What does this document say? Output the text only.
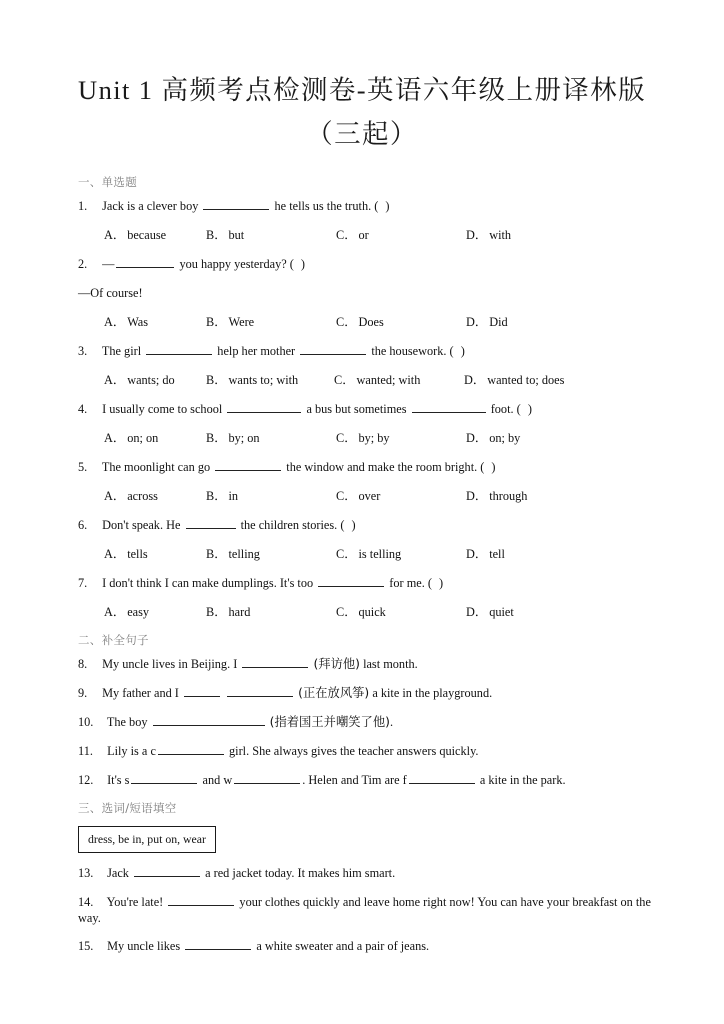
Unit 1 高频考点检测卷-英语六年级上册译林版（三起）
一、单选题
1. Jack is a clever boy	he tells us the truth. ( )
A． because	B． but	C． or	D． with
2. —	you happy yesterday? ( )
—Of course!
A． Was	B． Were	C． Does	D． Did
3. The girl	help her mother	the housework. ( )
A． wants; do	B． wants to; with	C． wanted; with	D． wanted to; does
4. I usually come to school	a bus but sometimes	foot. ( )
A． on; on	B． by; on	C． by; by	D． on; by
5. The moonlight can go	the window and make the room bright. ( )
A． across	B． in	C． over	D． through
6. Don't speak. He	the children stories. ( )
A． tells	B． telling	C． is telling	D． tell
7. I don't think I can make dumplings. It's too	for me. ( )
A． easy	B． hard	C． quick	D． quiet
二、补全句子
8. My uncle lives in Beijing. I	(拜访他) last month.
9. My father and I	(正在放风筝) a kite in the playground.
10. The boy	(指着国王并嘲笑了他).
11. Lily is a c	girl. She always gives the teacher answers quickly.
12. It's s	and w	. Helen and Tim are f	a kite in the park.
三、选词/短语填空
dress, be in, put on, wear
13. Jack	a red jacket today. It makes him smart.
14. You're late!	your clothes quickly and leave home right now! You can have your breakfast on the way.
15. My uncle likes	a white sweater and a pair of jeans.
